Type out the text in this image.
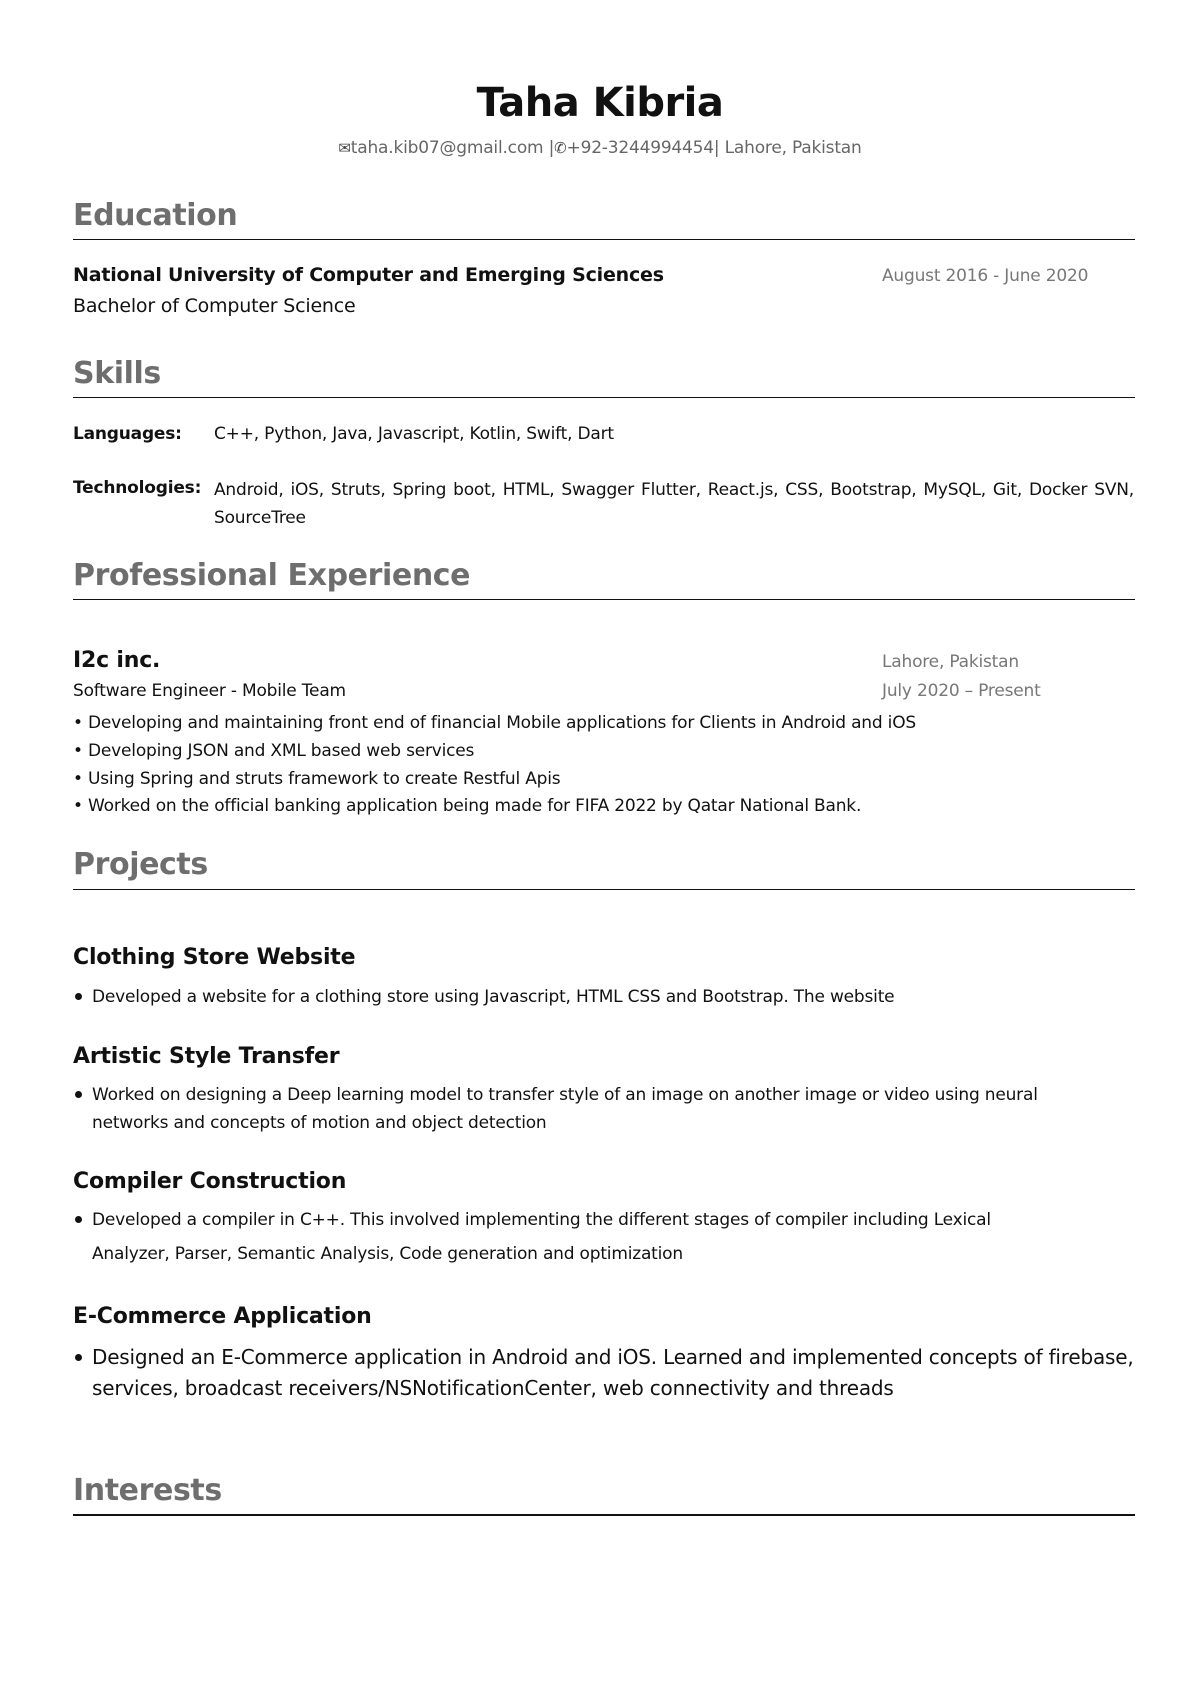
Taha Kibria
✉taha.kib07@gmail.com |✆+92-3244994454| Lahore, Pakistan
Education
National University of Computer and Emerging Sciences
Bachelor of Computer Science
August 2016 - June 2020
Skills
Languages: C++, Python, Java, Javascript, Kotlin, Swift, Dart
Technologies: Android, iOS, Struts, Spring boot, HTML, Swagger Flutter, React.js, CSS, Bootstrap, MySQL, Git, Docker SVN, SourceTree
Professional Experience
I2c inc.
Software Engineer - Mobile Team
Lahore, Pakistan
July 2020 – Present
• Developing and maintaining front end of financial Mobile applications for Clients in Android and iOS
• Developing JSON and XML based web services
• Using Spring and struts framework to create Restful Apis
• Worked on the official banking application being made for FIFA 2022 by Qatar National Bank.
Projects
Clothing Store Website
Developed a website for a clothing store using Javascript, HTML CSS and Bootstrap. The website
Artistic Style Transfer
Worked on designing a Deep learning model to transfer style of an image on another image or video using neural
networks and concepts of motion and object detection
Compiler Construction
Developed a compiler in C++. This involved implementing the different stages of compiler including Lexical
Analyzer, Parser, Semantic Analysis, Code generation and optimization
E-Commerce Application
Designed an E-Commerce application in Android and iOS. Learned and implemented concepts of firebase,
services, broadcast receivers/NSNotificationCenter, web connectivity and threads
Interests
